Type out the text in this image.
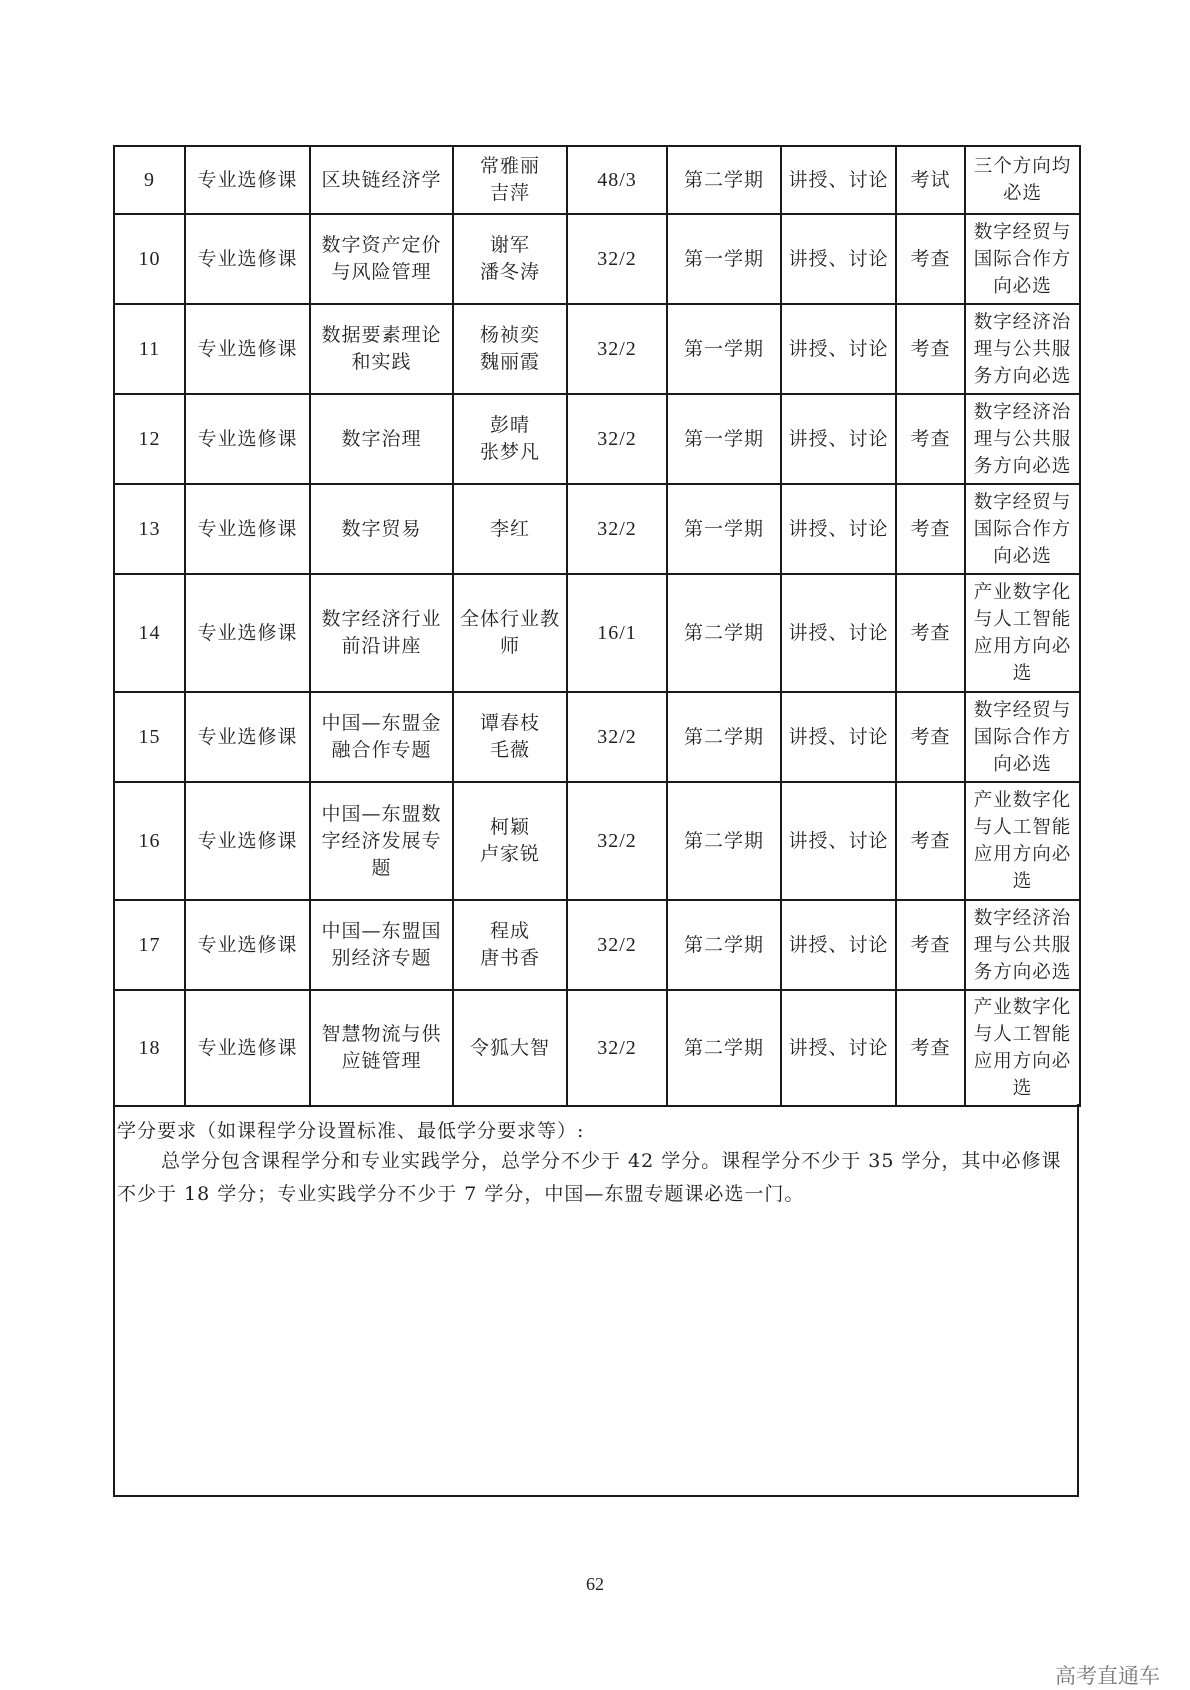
9	专业选修课	区块链经济学	常雅丽
吉萍	48/3	第二学期	讲授、讨论	考试	三个方向均
必选

10	专业选修课	数字资产定价
与风险管理	谢军
潘冬涛	32/2	第一学期	讲授、讨论	考查	数字经贸与
国际合作方
向必选

11	专业选修课	数据要素理论
和实践	杨祯奕
魏丽霞	32/2	第一学期	讲授、讨论	考查	数字经济治
理与公共服
务方向必选

12	专业选修课	数字治理	彭晴
张梦凡	32/2	第一学期	讲授、讨论	考查	数字经济治
理与公共服
务方向必选

13	专业选修课	数字贸易	李红	32/2	第一学期	讲授、讨论	考查	数字经贸与
国际合作方
向必选

14	专业选修课	数字经济行业
前沿讲座	全体行业教
师	16/1	第二学期	讲授、讨论	考查	产业数字化
与人工智能
应用方向必
选

15	专业选修课	中国—东盟金
融合作专题	谭春枝
毛薇	32/2	第二学期	讲授、讨论	考查	数字经贸与
国际合作方
向必选

16	专业选修课	中国—东盟数
字经济发展专
题	柯颖
卢家锐	32/2	第二学期	讲授、讨论	考查	产业数字化
与人工智能
应用方向必
选

17	专业选修课	中国—东盟国
别经济专题	程成
唐书香	32/2	第二学期	讲授、讨论	考查	数字经济治
理与公共服
务方向必选

18	专业选修课	智慧物流与供
应链管理	令狐大智	32/2	第二学期	讲授、讨论	考查	产业数字化
与人工智能
应用方向必
选
学分要求（如课程学分设置标准、最低学分要求等）:
总学分包含课程学分和专业实践学分，总学分不少于 42 学分。课程学分不少于 35 学分，其中必修课不少于 18 学分；专业实践学分不少于 7 学分，中国—东盟专题课必选一门。
62
高考直通车
